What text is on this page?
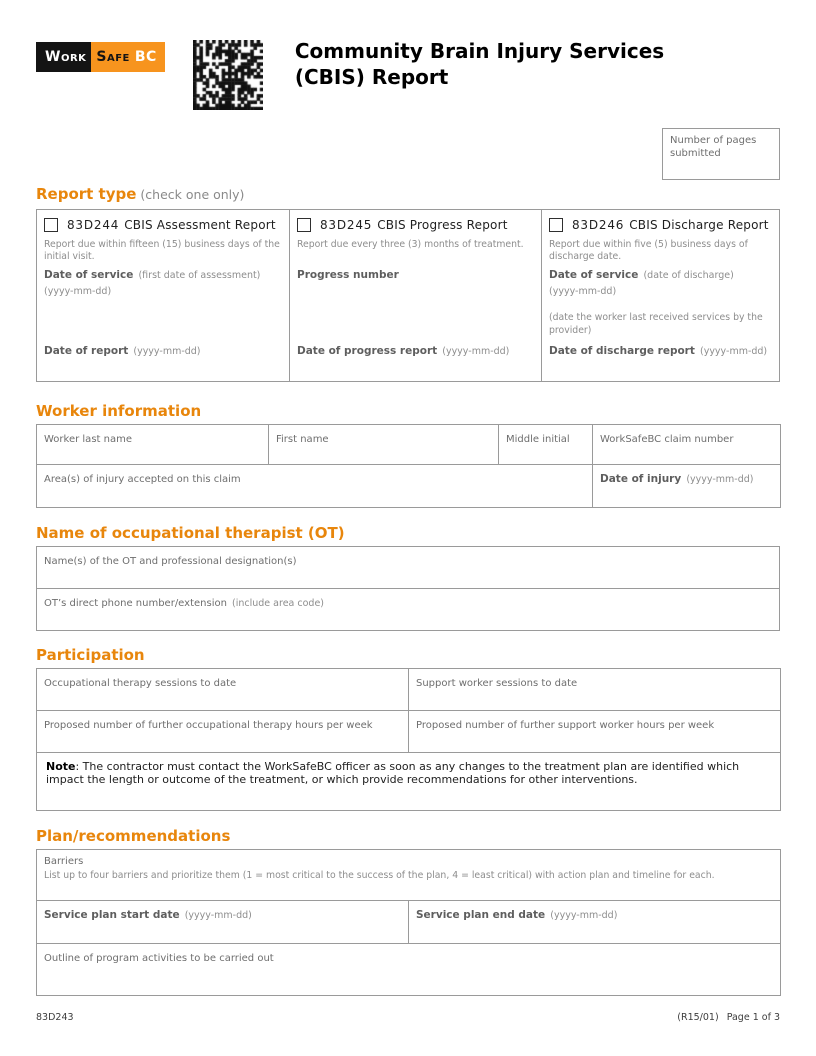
Work Safe BC	Community Brain Injury Services
(CBIS) Report
Number of pages submitted
Report type (check one only)
83D244 CBIS Assessment Report
Report due within fifteen (15) business days of the initial visit.
Date of service (first date of assessment)
(yyyy-mm-dd)
Date of report (yyyy-mm-dd)
83D245 CBIS Progress Report
Report due every three (3) months of treatment.
Progress number
Date of progress report (yyyy-mm-dd)
83D246 CBIS Discharge Report
Report due within five (5) business days of discharge date.
Date of service (date of discharge)
(yyyy-mm-dd)
(date the worker last received services by the provider)
Date of discharge report (yyyy-mm-dd)
Worker information
Worker last name	First name	Middle initial	WorkSafeBC claim number
Area(s) of injury accepted on this claim			Date of injury (yyyy-mm-dd)
Name of occupational therapist (OT)
Name(s) of the OT and professional designation(s)
OT’s direct phone number/extension (include area code)
Participation
Occupational therapy sessions to date	Support worker sessions to date
Proposed number of further occupational therapy hours per week	Proposed number of further support worker hours per week
Note: The contractor must contact the WorkSafeBC officer as soon as any changes to the treatment plan are identified which impact the length or outcome of the treatment, or which provide recommendations for other interventions.	
Plan/recommendations
Barriers
List up to four barriers and prioritize them (1 = most critical to the success of the plan, 4 = least critical) with action plan and timeline for each.

Service plan start date (yyyy-mm-dd)	Service plan end date (yyyy-mm-dd)
Outline of program activities to be carried out
83D243	(R15/01) Page 1 of 3
